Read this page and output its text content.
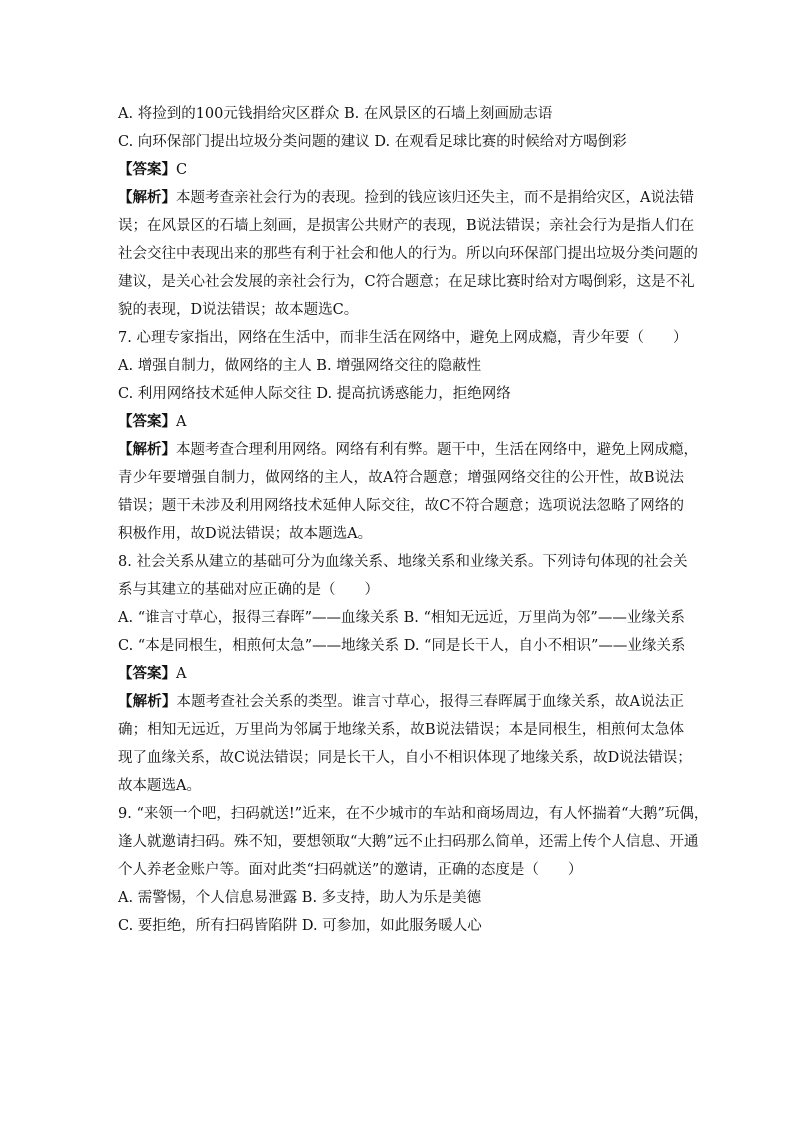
A. 将捡到的100元钱捐给灾区群众 B. 在风景区的石墙上刻画励志语
C. 向环保部门提出垃圾分类问题的建议 D. 在观看足球比赛的时候给对方喝倒彩
【答案】C
【解析】本题考查亲社会行为的表现。捡到的钱应该归还失主，而不是捐给灾区，A说法错
误；在风景区的石墙上刻画，是损害公共财产的表现，B说法错误；亲社会行为是指人们在
社会交往中表现出来的那些有利于社会和他人的行为。所以向环保部门提出垃圾分类问题的
建议，是关心社会发展的亲社会行为，C符合题意；在足球比赛时给对方喝倒彩，这是不礼
貌的表现，D说法错误；故本题选C。
7. 心理专家指出，网络在生活中，而非生活在网络中，避免上网成瘾，青少年要（　　）
A. 增强自制力，做网络的主人 B. 增强网络交往的隐蔽性
C. 利用网络技术延伸人际交往 D. 提高抗诱惑能力，拒绝网络
【答案】A
【解析】本题考查合理利用网络。网络有利有弊。题干中，生活在网络中，避免上网成瘾，
青少年要增强自制力，做网络的主人，故A符合题意；增强网络交往的公开性，故B说法
错误；题干未涉及利用网络技术延伸人际交往，故C不符合题意；选项说法忽略了网络的
积极作用，故D说法错误；故本题选A。
8. 社会关系从建立的基础可分为血缘关系、地缘关系和业缘关系。下列诗句体现的社会关
系与其建立的基础对应正确的是（　　）
A. “谁言寸草心，报得三春晖”——血缘关系 B. “相知无远近，万里尚为邻”——业缘关系
C. “本是同根生，相煎何太急”——地缘关系 D. “同是长干人，自小不相识”——业缘关系
【答案】A
【解析】本题考查社会关系的类型。谁言寸草心，报得三春晖属于血缘关系，故A说法正
确；相知无远近，万里尚为邻属于地缘关系，故B说法错误；本是同根生，相煎何太急体
现了血缘关系，故C说法错误；同是长干人，自小不相识体现了地缘关系，故D说法错误；
故本题选A。
9. “来领一个吧，扫码就送!”近来，在不少城市的车站和商场周边，有人怀揣着“大鹅”玩偶，
逢人就邀请扫码。殊不知，要想领取“大鹅”远不止扫码那么简单，还需上传个人信息、开通
个人养老金账户等。面对此类“扫码就送”的邀请，正确的态度是（　　）
A. 需警惕，个人信息易泄露 B. 多支持，助人为乐是美德
C. 要拒绝，所有扫码皆陷阱 D. 可参加，如此服务暖人心
